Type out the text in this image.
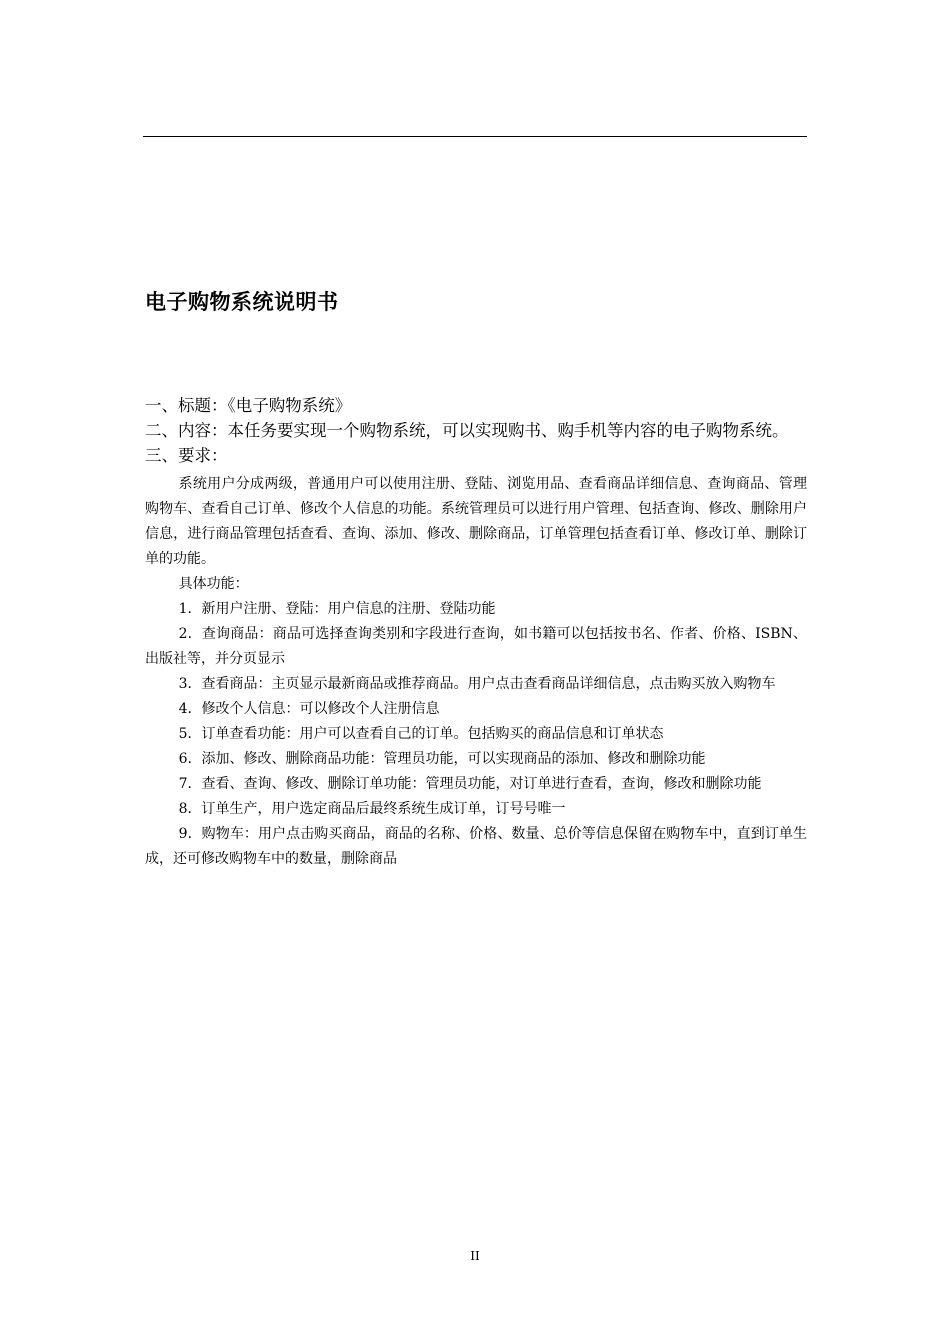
电子购物系统说明书

一、标题：《电子购物系统》

二、内容：本任务要实现一个购物系统，可以实现购书、购手机等内容的电子购物系统。

三、要求：

系统用户分成两级，普通用户可以使用注册、登陆、浏览用品、查看商品详细信息、查询商品、管理购物车、查看自己订单、修改个人信息的功能。系统管理员可以进行用户管理、包括查询、修改、删除用户信息，进行商品管理包括查看、查询、添加、修改、删除商品，订单管理包括查看订单、修改订单、删除订单的功能。

具体功能：

1．新用户注册、登陆：用户信息的注册、登陆功能

2．查询商品：商品可选择查询类别和字段进行查询，如书籍可以包括按书名、作者、价格、ISBN、出版社等，并分页显示

3．查看商品：主页显示最新商品或推荐商品。用户点击查看商品详细信息，点击购买放入购物车

4．修改个人信息：可以修改个人注册信息

5．订单查看功能：用户可以查看自己的订单。包括购买的商品信息和订单状态

6．添加、修改、删除商品功能：管理员功能，可以实现商品的添加、修改和删除功能

7．查看、查询、修改、删除订单功能：管理员功能，对订单进行查看，查询，修改和删除功能

8．订单生产，用户选定商品后最终系统生成订单，订号号唯一

9．购物车：用户点击购买商品，商品的名称、价格、数量、总价等信息保留在购物车中，直到订单生成，还可修改购物车中的数量，删除商品

II
